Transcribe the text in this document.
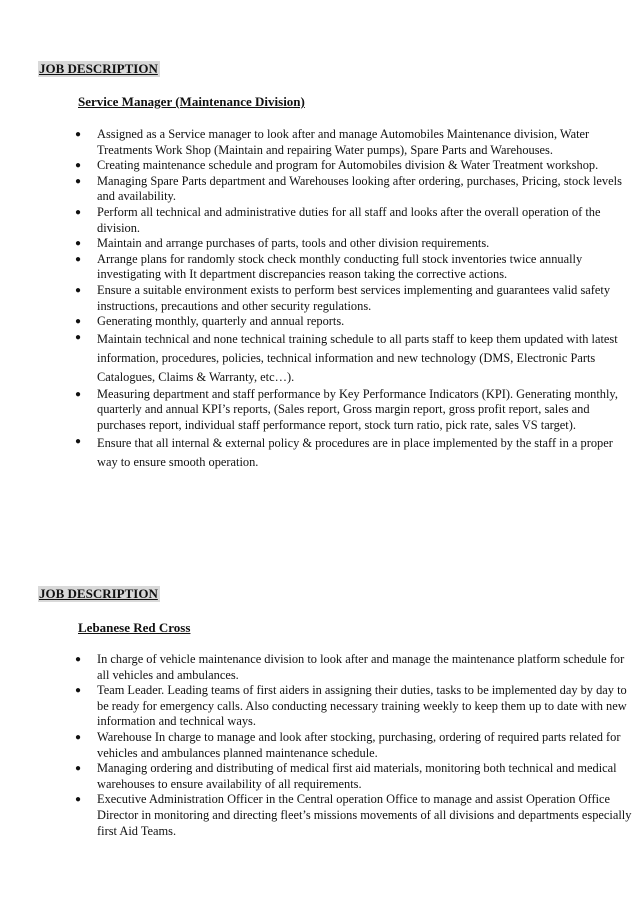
JOB DESCRIPTION
Service Manager (Maintenance Division)
● Assigned as a Service manager to look after and manage Automobiles Maintenance division, Water Treatments Work Shop (Maintain and repairing Water pumps), Spare Parts and Warehouses.
● Creating maintenance schedule and program for Automobiles division & Water Treatment workshop.
● Managing Spare Parts department and Warehouses looking after ordering, purchases, Pricing, stock levels and availability.
● Perform all technical and administrative duties for all staff and looks after the overall operation of the division.
● Maintain and arrange purchases of parts, tools and other division requirements.
● Arrange plans for randomly stock check monthly conducting full stock inventories twice annually investigating with It department discrepancies reason taking the corrective actions.
● Ensure a suitable environment exists to perform best services implementing and guarantees valid safety instructions, precautions and other security regulations.
● Generating monthly, quarterly and annual reports.
● Maintain technical and none technical training schedule to all parts staff to keep them updated with latest information, procedures, policies, technical information and new technology (DMS, Electronic Parts Catalogues, Claims & Warranty, etc…).
● Measuring department and staff performance by Key Performance Indicators (KPI). Generating monthly, quarterly and annual KPI’s reports, (Sales report, Gross margin report, gross profit report, sales and purchases report, individual staff performance report, stock turn ratio, pick rate, sales VS target).
● Ensure that all internal & external policy & procedures are in place implemented by the staff in a proper way to ensure smooth operation.
JOB DESCRIPTION
Lebanese Red Cross
● In charge of vehicle maintenance division to look after and manage the maintenance platform schedule for all vehicles and ambulances.
● Team Leader. Leading teams of first aiders in assigning their duties, tasks to be implemented day by day to be ready for emergency calls. Also conducting necessary training weekly to keep them up to date with new information and technical ways.
● Warehouse In charge to manage and look after stocking, purchasing, ordering of required parts related for vehicles and ambulances planned maintenance schedule.
● Managing ordering and distributing of medical first aid materials, monitoring both technical and medical warehouses to ensure availability of all requirements.
● Executive Administration Officer in the Central operation Office to manage and assist Operation Office Director in monitoring and directing fleet’s missions movements of all divisions and departments especially first Aid Teams.
